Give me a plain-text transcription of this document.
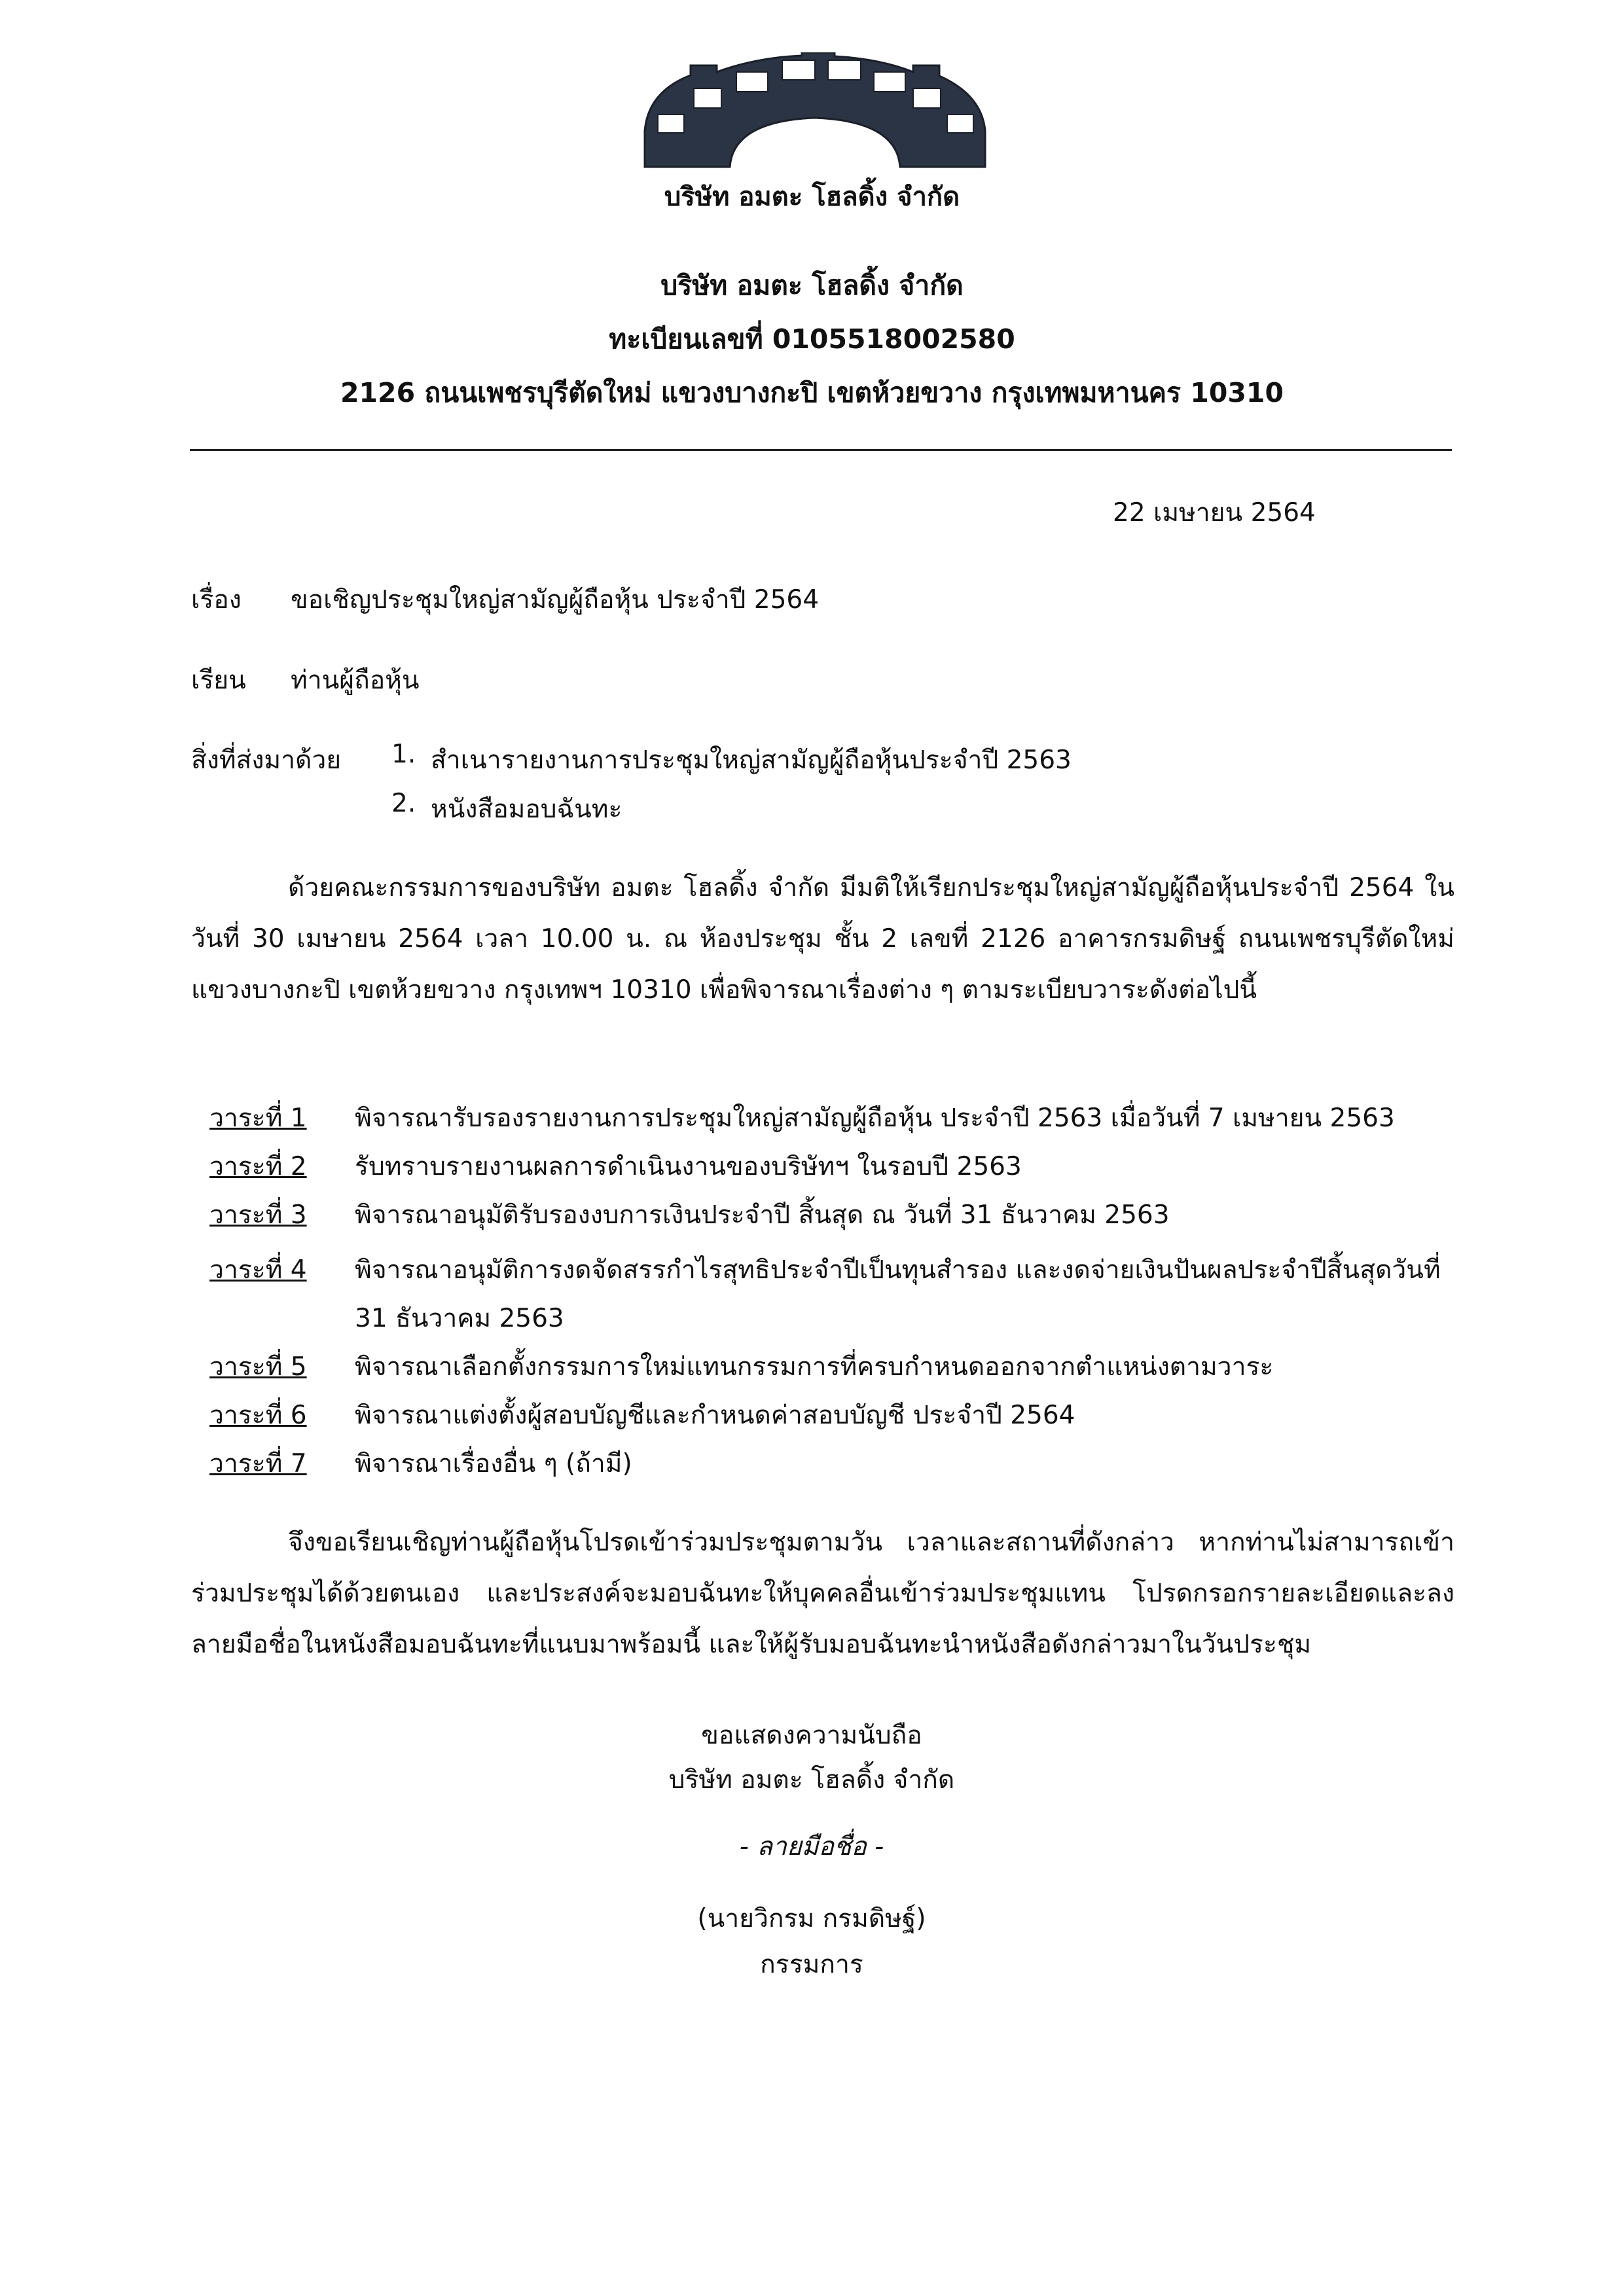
บริษัท อมตะ โฮลดิ้ง จำกัด
บริษัท อมตะ โฮลดิ้ง จำกัด
ทะเบียนเลขที่ 0105518002580
2126 ถนนเพชรบุรีตัดใหม่ แขวงบางกะปิ เขตห้วยขวาง กรุงเทพมหานคร 10310
22 เมษายน 2564
เรื่อง ขอเชิญประชุมใหญ่สามัญผู้ถือหุ้น ประจำปี 2564
เรียน ท่านผู้ถือหุ้น
สิ่งที่ส่งมาด้วย 1. สำเนารายงานการประชุมใหญ่สามัญผู้ถือหุ้นประจำปี 2563
2. หนังสือมอบฉันทะ
ด้วยคณะกรรมการของบริษัท อมตะ โฮลดิ้ง จำกัด มีมติให้เรียกประชุมใหญ่สามัญผู้ถือหุ้นประจำปี 2564 ในวันที่ 30 เมษายน 2564 เวลา 10.00 น. ณ ห้องประชุม ชั้น 2 เลขที่ 2126 อาคารกรมดิษฐ์ ถนนเพชรบุรีตัดใหม่ แขวงบางกะปิ เขตห้วยขวาง กรุงเทพฯ 10310 เพื่อพิจารณาเรื่องต่าง ๆ ตามระเบียบวาระดังต่อไปนี้
วาระที่ 1 พิจารณารับรองรายงานการประชุมใหญ่สามัญผู้ถือหุ้น ประจำปี 2563 เมื่อวันที่ 7 เมษายน 2563
วาระที่ 2 รับทราบรายงานผลการดำเนินงานของบริษัทฯ ในรอบปี 2563
วาระที่ 3 พิจารณาอนุมัติรับรองงบการเงินประจำปี สิ้นสุด ณ วันที่ 31 ธันวาคม 2563
วาระที่ 4 พิจารณาอนุมัติการงดจัดสรรกำไรสุทธิประจำปีเป็นทุนสำรอง และงดจ่ายเงินปันผลประจำปีสิ้นสุดวันที่ 31 ธันวาคม 2563
วาระที่ 5 พิจารณาเลือกตั้งกรรมการใหม่แทนกรรมการที่ครบกำหนดออกจากตำแหน่งตามวาระ
วาระที่ 6 พิจารณาแต่งตั้งผู้สอบบัญชีและกำหนดค่าสอบบัญชี ประจำปี 2564
วาระที่ 7 พิจารณาเรื่องอื่น ๆ (ถ้ามี)
จึงขอเรียนเชิญท่านผู้ถือหุ้นโปรดเข้าร่วมประชุมตามวัน เวลาและสถานที่ดังกล่าว หากท่านไม่สามารถเข้าร่วมประชุมได้ด้วยตนเอง และประสงค์จะมอบฉันทะให้บุคคลอื่นเข้าร่วมประชุมแทน โปรดกรอกรายละเอียดและลงลายมือชื่อในหนังสือมอบฉันทะที่แนบมาพร้อมนี้ และให้ผู้รับมอบฉันทะนำหนังสือดังกล่าวมาในวันประชุม
ขอแสดงความนับถือ
บริษัท อมตะ โฮลดิ้ง จำกัด
- ลายมือชื่อ -
(นายวิกรม กรมดิษฐ์)
กรรมการ
